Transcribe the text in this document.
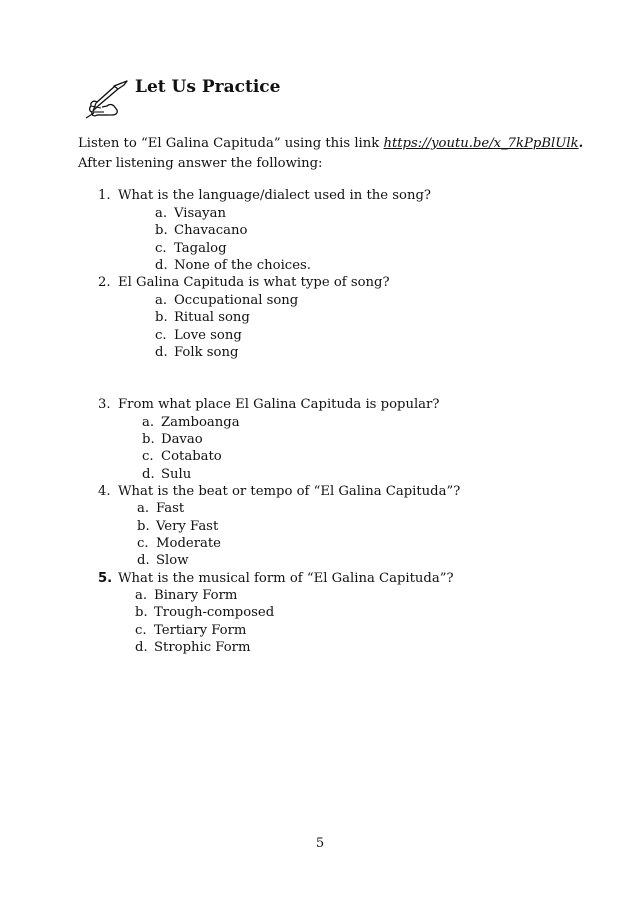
Let Us Practice
Listen to “El Galina Capituda” using this link https://youtu.be/x_7kPpBlUlk.
After listening answer the following:
1. What is the language/dialect used in the song?
a. Visayan
b. Chavacano
c. Tagalog
d. None of the choices.
2. El Galina Capituda is what type of song?
a. Occupational song
b. Ritual song
c. Love song
d. Folk song
3. From what place El Galina Capituda is popular?
a. Zamboanga
b. Davao
c. Cotabato
d. Sulu
4. What is the beat or tempo of “El Galina Capituda”?
a. Fast
b. Very Fast
c. Moderate
d. Slow
5. What is the musical form of “El Galina Capituda”?
a. Binary Form
b. Trough-composed
c. Tertiary Form
d. Strophic Form
5
